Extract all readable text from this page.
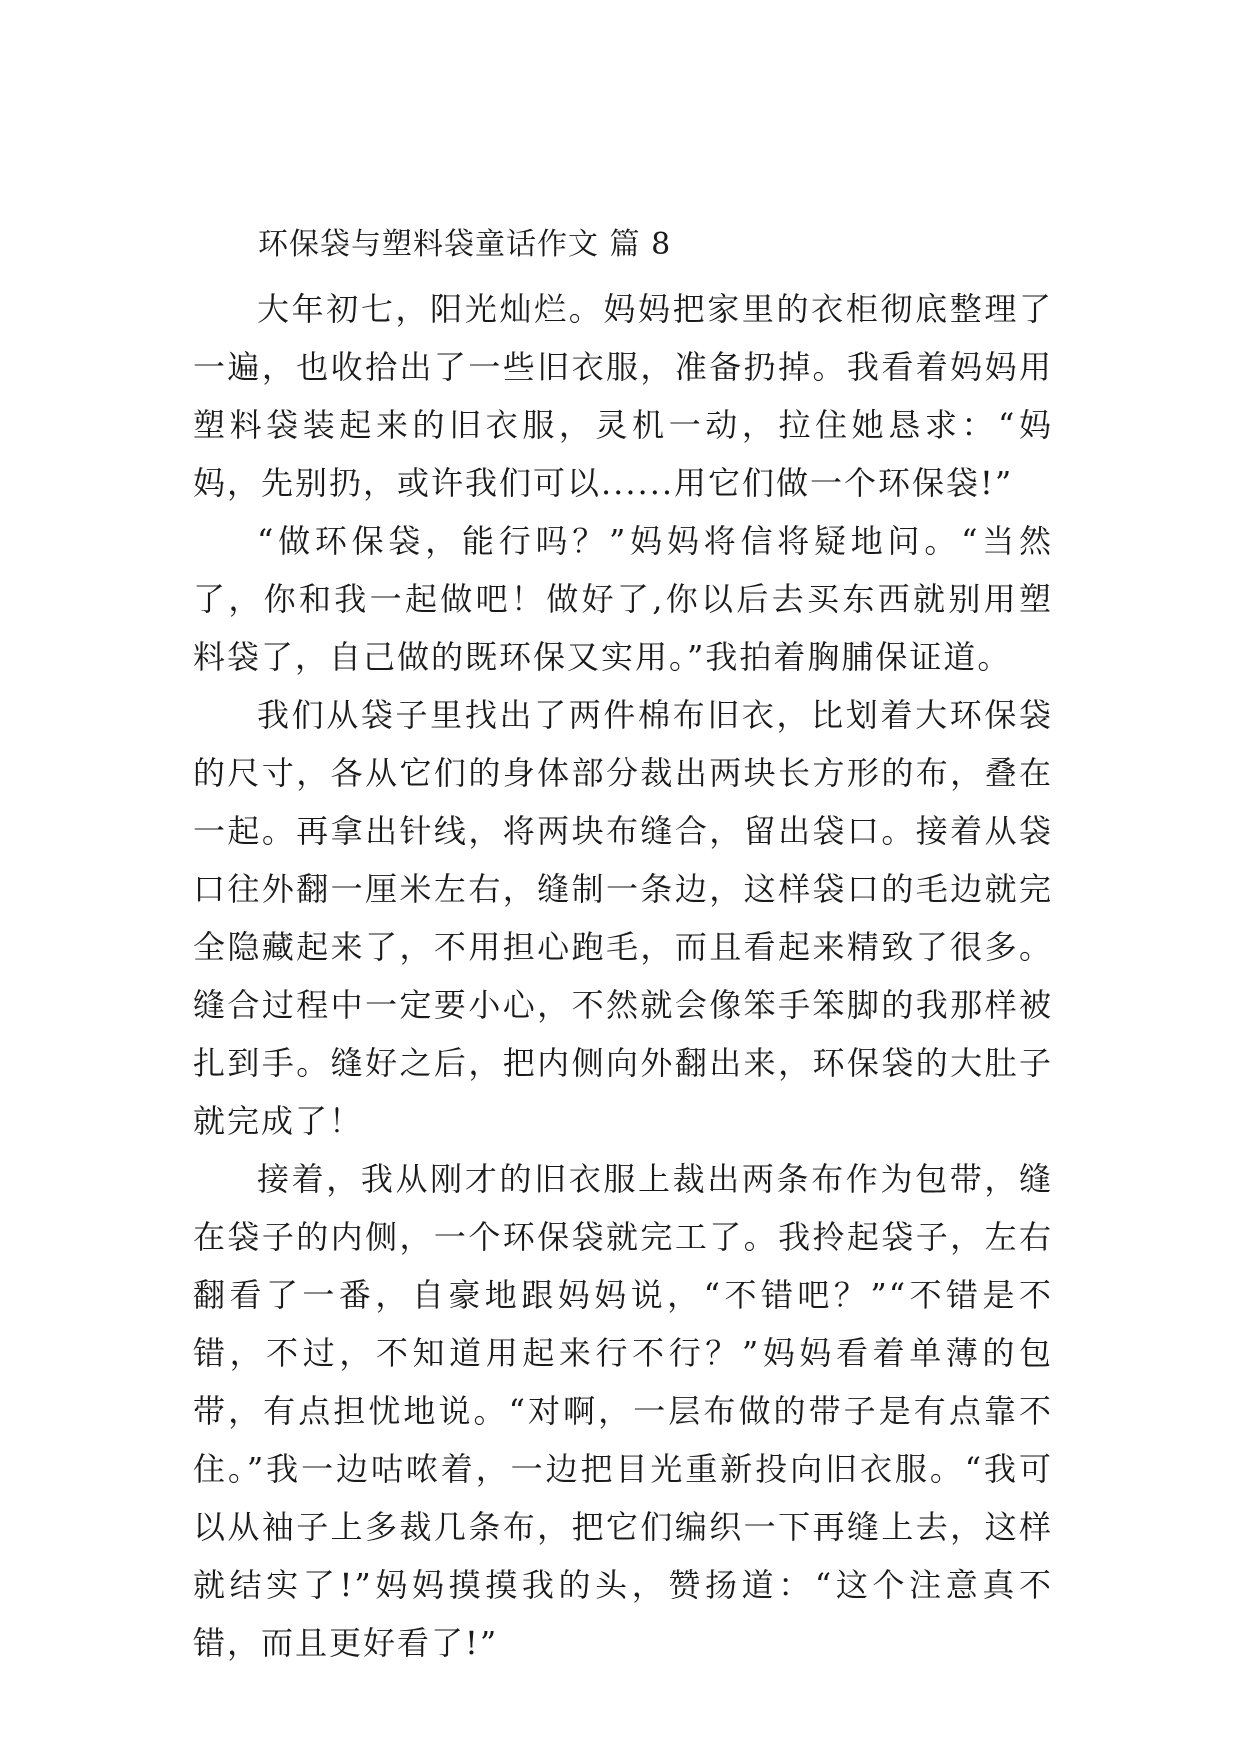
环保袋与塑料袋童话作文 篇 8

大年初七，阳光灿烂。妈妈把家里的衣柜彻底整理了一遍，也收拾出了一些旧衣服，准备扔掉。我看着妈妈用塑料袋装起来的旧衣服，灵机一动，拉住她恳求：“妈妈，先别扔，或许我们可以......用它们做一个环保袋!”

“做环保袋，能行吗？”妈妈将信将疑地问。“当然了，你和我一起做吧！做好了,你以后去买东西就别用塑料袋了，自己做的既环保又实用。”我拍着胸脯保证道。

我们从袋子里找出了两件棉布旧衣，比划着大环保袋的尺寸，各从它们的身体部分裁出两块长方形的布，叠在一起。再拿出针线，将两块布缝合，留出袋口。接着从袋口往外翻一厘米左右，缝制一条边，这样袋口的毛边就完全隐藏起来了，不用担心跑毛，而且看起来精致了很多。缝合过程中一定要小心，不然就会像笨手笨脚的我那样被扎到手。缝好之后，把内侧向外翻出来，环保袋的大肚子就完成了！

接着，我从刚才的旧衣服上裁出两条布作为包带，缝在袋子的内侧，一个环保袋就完工了。我拎起袋子，左右翻看了一番，自豪地跟妈妈说，“不错吧？”“不错是不错，不过，不知道用起来行不行？”妈妈看着单薄的包带，有点担忧地说。“对啊，一层布做的带子是有点靠不住。”我一边咕哝着，一边把目光重新投向旧衣服。“我可以从袖子上多裁几条布，把它们编织一下再缝上去，这样就结实了!”妈妈摸摸我的头，赞扬道：“这个注意真不错，而且更好看了!”
